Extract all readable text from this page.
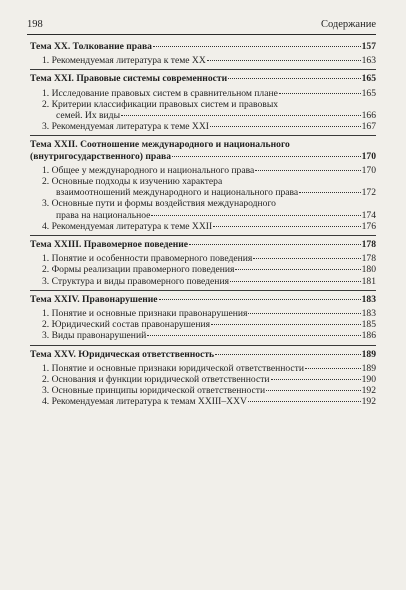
198	Содержание
Тема XX. Толкование права	157
1. Рекомендуемая литература к теме XX	163
Тема XXI. Правовые системы современности	165
1. Исследование правовых систем в сравнительном плане	165
2. Критерии классификации правовых систем и правовых
семей. Их виды	166
3. Рекомендуемая литература к теме XXI	167
Тема XXII. Соотношение международного и национального
(внутригосударственного) права	170
1. Общее у международного и национального права	170
2. Основные подходы к изучению характера
взаимоотношений международного и национального права	172
3. Основные пути и формы воздействия международного
права на национальное	174
4. Рекомендуемая литература к теме XXII	176
Тема XXIII. Правомерное поведение	178
1. Понятие и особенности правомерного поведения	178
2. Формы реализации правомерного поведения	180
3. Структура и виды правомерного поведения	181
Тема XXIV. Правонарушение	183
1. Понятие и основные признаки правонарушения	183
2. Юридический состав правонарушения	185
3. Виды правонарушений	186
Тема XXV. Юридическая ответственность	189
1. Понятие и основные признаки юридической ответственности	189
2. Основания и функции юридической ответственности	190
3. Основные принципы юридической ответственности	192
4. Рекомендуемая литература к темам XXIII–XXV	192
